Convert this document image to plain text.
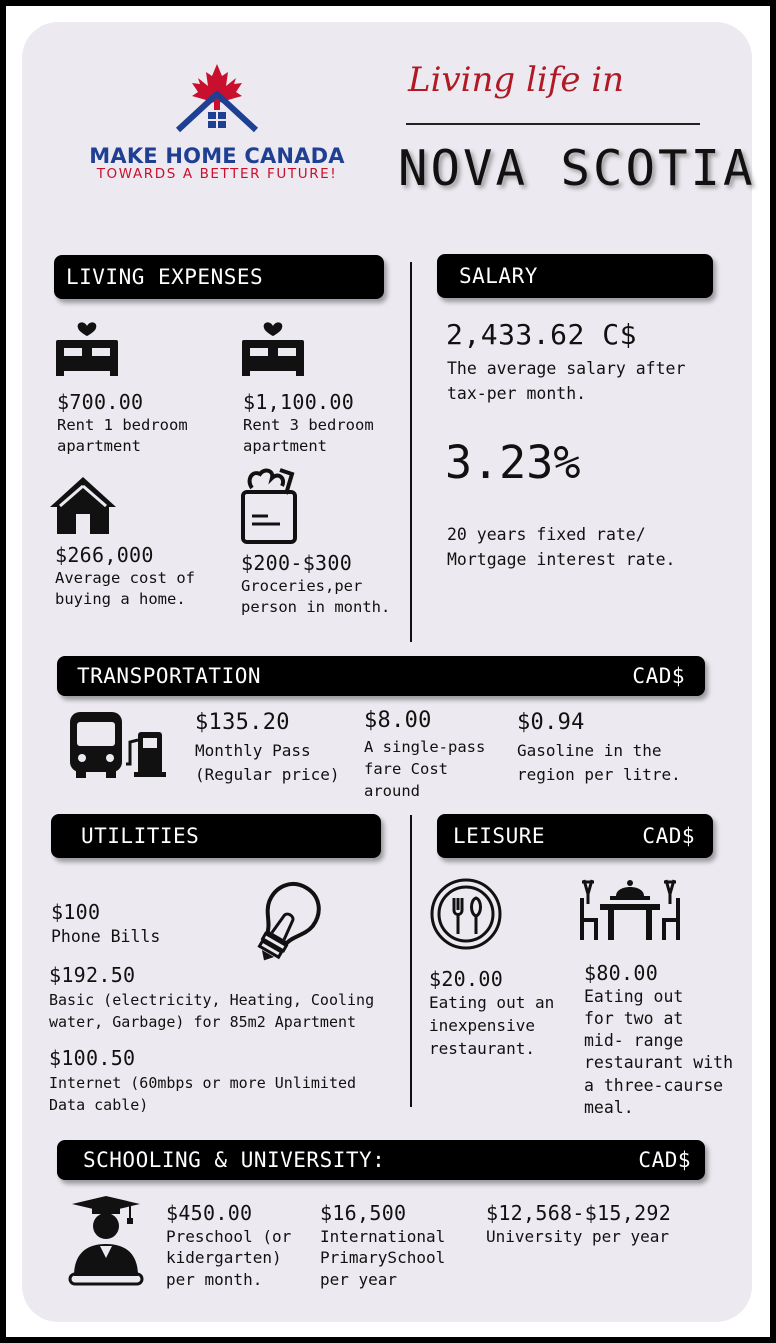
MAKE HOME CANADA
TOWARDS A BETTER FUTURE!
Living life in
NOVA SCOTIA
LIVING EXPENSES
$700.00
Rent 1 bedroom
apartment
$1,100.00
Rent 3 bedroom
apartment
$266,000
Average cost of
buying a home.
$200-$300
Groceries,per
person in month.
SALARY
2,433.62 C$
The average salary after
tax-per month.
3.23%
20 years fixed rate/
Mortgage interest rate.
TRANSPORTATION	CAD$
$135.20
Monthly Pass
(Regular price)
$8.00
A single-pass
fare Cost
around
$0.94
Gasoline in the
region per litre.
UTILITIES
$100
Phone Bills
$192.50
Basic (electricity, Heating, Cooling
water, Garbage) for 85m2 Apartment
$100.50
Internet (60mbps or more Unlimited
Data cable)
LEISURE	CAD$
$20.00
Eating out an
inexpensive
restaurant.
$80.00
Eating out
for two at
mid- range
restaurant with
a three-caurse
meal.
SCHOOLING & UNIVERSITY:	CAD$
$450.00
Preschool (or
kidergarten)
per month.
$16,500
International
PrimarySchool
per year
$12,568-$15,292
University per year
